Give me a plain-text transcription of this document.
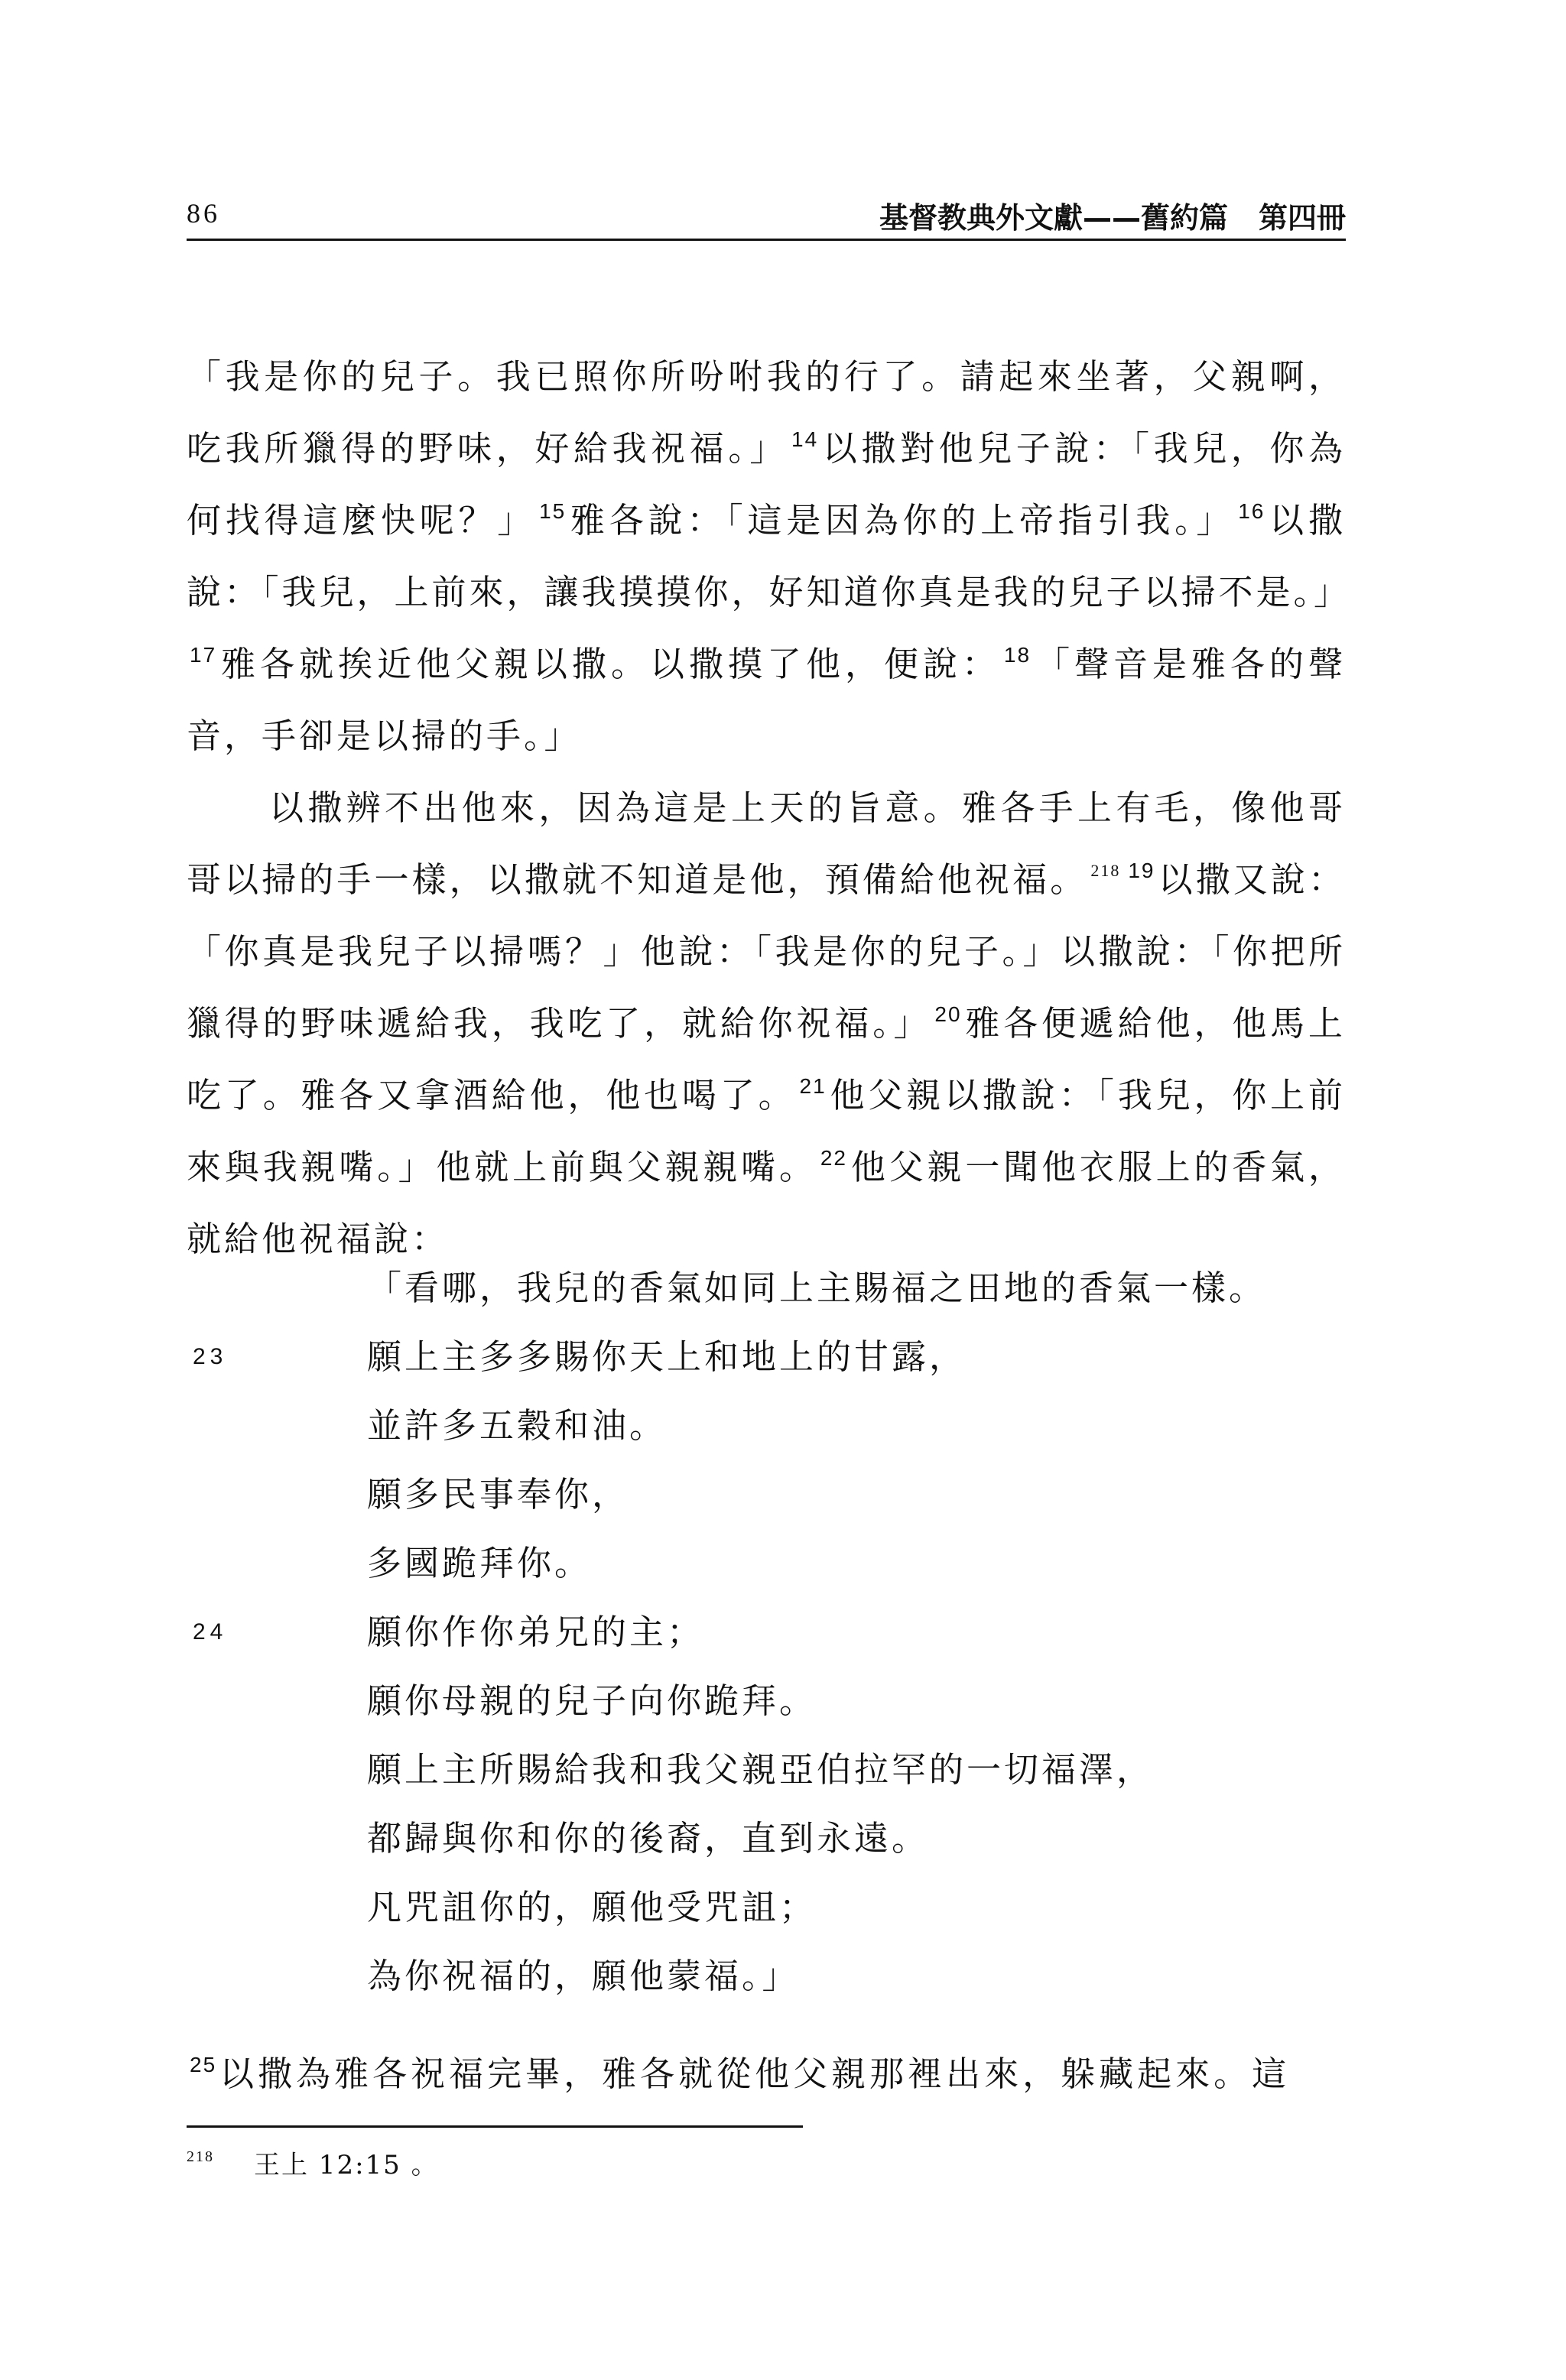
86	基督教典外文獻——舊約篇 第四冊

「我是你的兒子。我已照你所吩咐我的行了。請起來坐著，父親啊，吃我所獵得的野味，好給我祝福。」 $^{14}$以撒對他兒子說：「我兒，你為何找得這麼快呢？」 $^{15}$雅各說：「這是因為你的上帝指引我。」 $^{16}$以撒說：「我兒，上前來，讓我摸摸你，好知道你真是我的兒子以掃不是。」$^{17}$雅各就挨近他父親以撒。以撒摸了他，便說： $^{18}$「聲音是雅各的聲音，手卻是以掃的手。」

以撒辨不出他來，因為這是上天的旨意。雅各手上有毛，像他哥哥以掃的手一樣，以撒就不知道是他，預備給他祝福。 $^{218}$ $^{19}$以撒又說：「你真是我兒子以掃嗎？」他說：「我是你的兒子。」以撒說：「你把所獵得的野味遞給我，我吃了，就給你祝福。」 $^{20}$雅各便遞給他，他馬上吃了。雅各又拿酒給他，他也喝了。 $^{21}$他父親以撒說：「我兒，你上前來與我親嘴。」他就上前與父親親嘴。 $^{22}$他父親一聞他衣服上的香氣，就給他祝福說：

「看哪，我兒的香氣如同上主賜福之田地的香氣一樣。
23	願上主多多賜你天上和地上的甘露，
並許多五穀和油。
願多民事奉你，
多國跪拜你。
24	願你作你弟兄的主；
願你母親的兒子向你跪拜。
願上主所賜給我和我父親亞伯拉罕的一切福澤，
都歸與你和你的後裔，直到永遠。
凡咒詛你的，願他受咒詛；
為你祝福的，願他蒙福。」
$^{25}$以撒為雅各祝福完畢，雅各就從他父親那裡出來，躲藏起來。這
$^{218}$ 王上 12:15 。
